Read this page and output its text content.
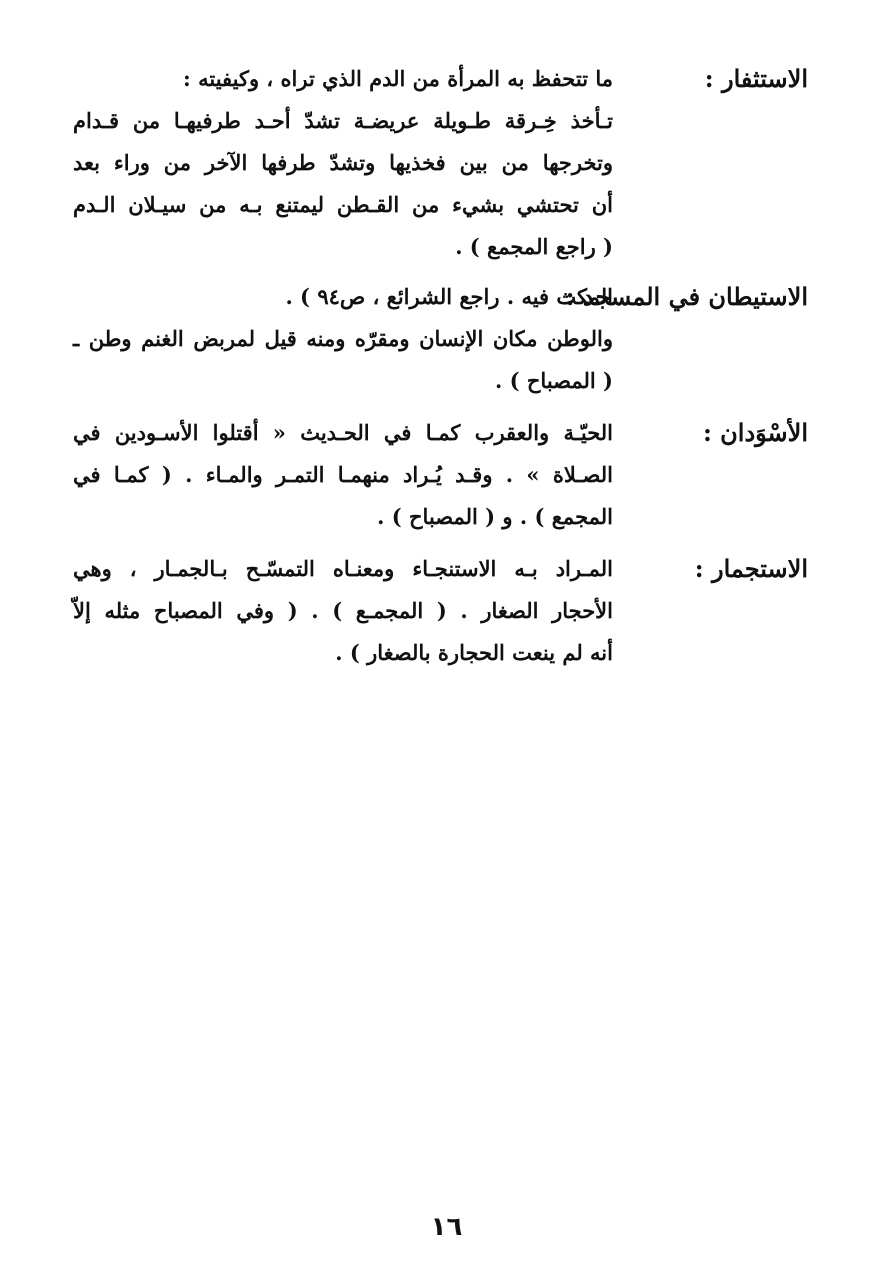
الاستثفار :
ما تتحفظ به المرأة من الدم الذي تراه ، وكيفيته :
تـأخذ خِـرقة طـويلة عريضـة تشدّ أحـد طرفيهـا من قـدام
وتخرجها من بين فخذيها وتشدّ طرفها الآخر من وراء بعد
أن تحتشي بشيء من القـطن ليمتنع بـه من سيـلان الـدم
( راجع المجمع ) .
الاستيطان في المسجد :
المكث فيه . راجع الشرائع ، ص٩٤ ) .
والوطن مكان الإنسان ومقرّه ومنه قيل لمربض الغنم وطن ـ
( المصباح ) .
الأسْوَدان :
الحيّـة والعقرب كمـا في الحـديث « أقتلوا الأسـودين في
الصـلاة » . وقـد يُـراد منهمـا التمـر والمـاء . ( كمـا في
المجمع ) . و ( المصباح ) .
الاستجمار :
المـراد بـه الاستنجـاء ومعنـاه التمسّـح بـالجمـار ، وهي
الأحجار الصغار . ( المجمـع ) . ( وفي المصباح مثله إلاّ
أنه لم ينعت الحجارة بالصغار ) .
١٦
